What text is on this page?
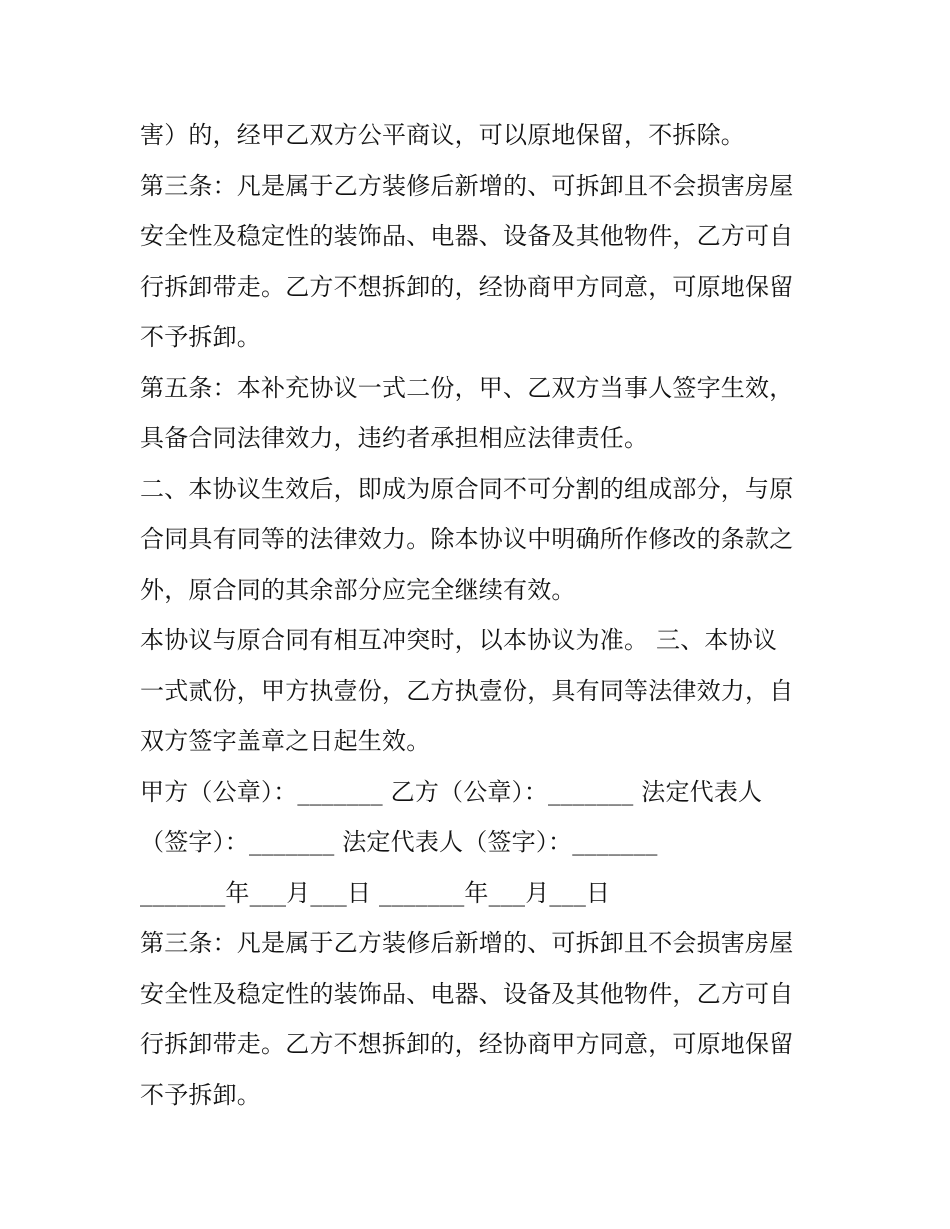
害）的，经甲乙双方公平商议，可以原地保留，不拆除。
第三条：凡是属于乙方装修后新增的、可拆卸且不会损害房屋
安全性及稳定性的装饰品、电器、设备及其他物件，乙方可自
行拆卸带走。乙方不想拆卸的，经协商甲方同意，可原地保留
不予拆卸。
第五条：本补充协议一式二份，甲、乙双方当事人签字生效，
具备合同法律效力，违约者承担相应法律责任。
二、本协议生效后，即成为原合同不可分割的组成部分，与原
合同具有同等的法律效力。除本协议中明确所作修改的条款之
外，原合同的其余部分应完全继续有效。
本协议与原合同有相互冲突时，以本协议为准。 三、本协议
一式贰份，甲方执壹份，乙方执壹份，具有同等法律效力，自
双方签字盖章之日起生效。
甲方（公章）：_______ 乙方（公章）：_______ 法定代表人
（签字）：_______ 法定代表人（签字）：_______
_______年___月___日 _______年___月___日
第三条：凡是属于乙方装修后新增的、可拆卸且不会损害房屋
安全性及稳定性的装饰品、电器、设备及其他物件，乙方可自
行拆卸带走。乙方不想拆卸的，经协商甲方同意，可原地保留
不予拆卸。
